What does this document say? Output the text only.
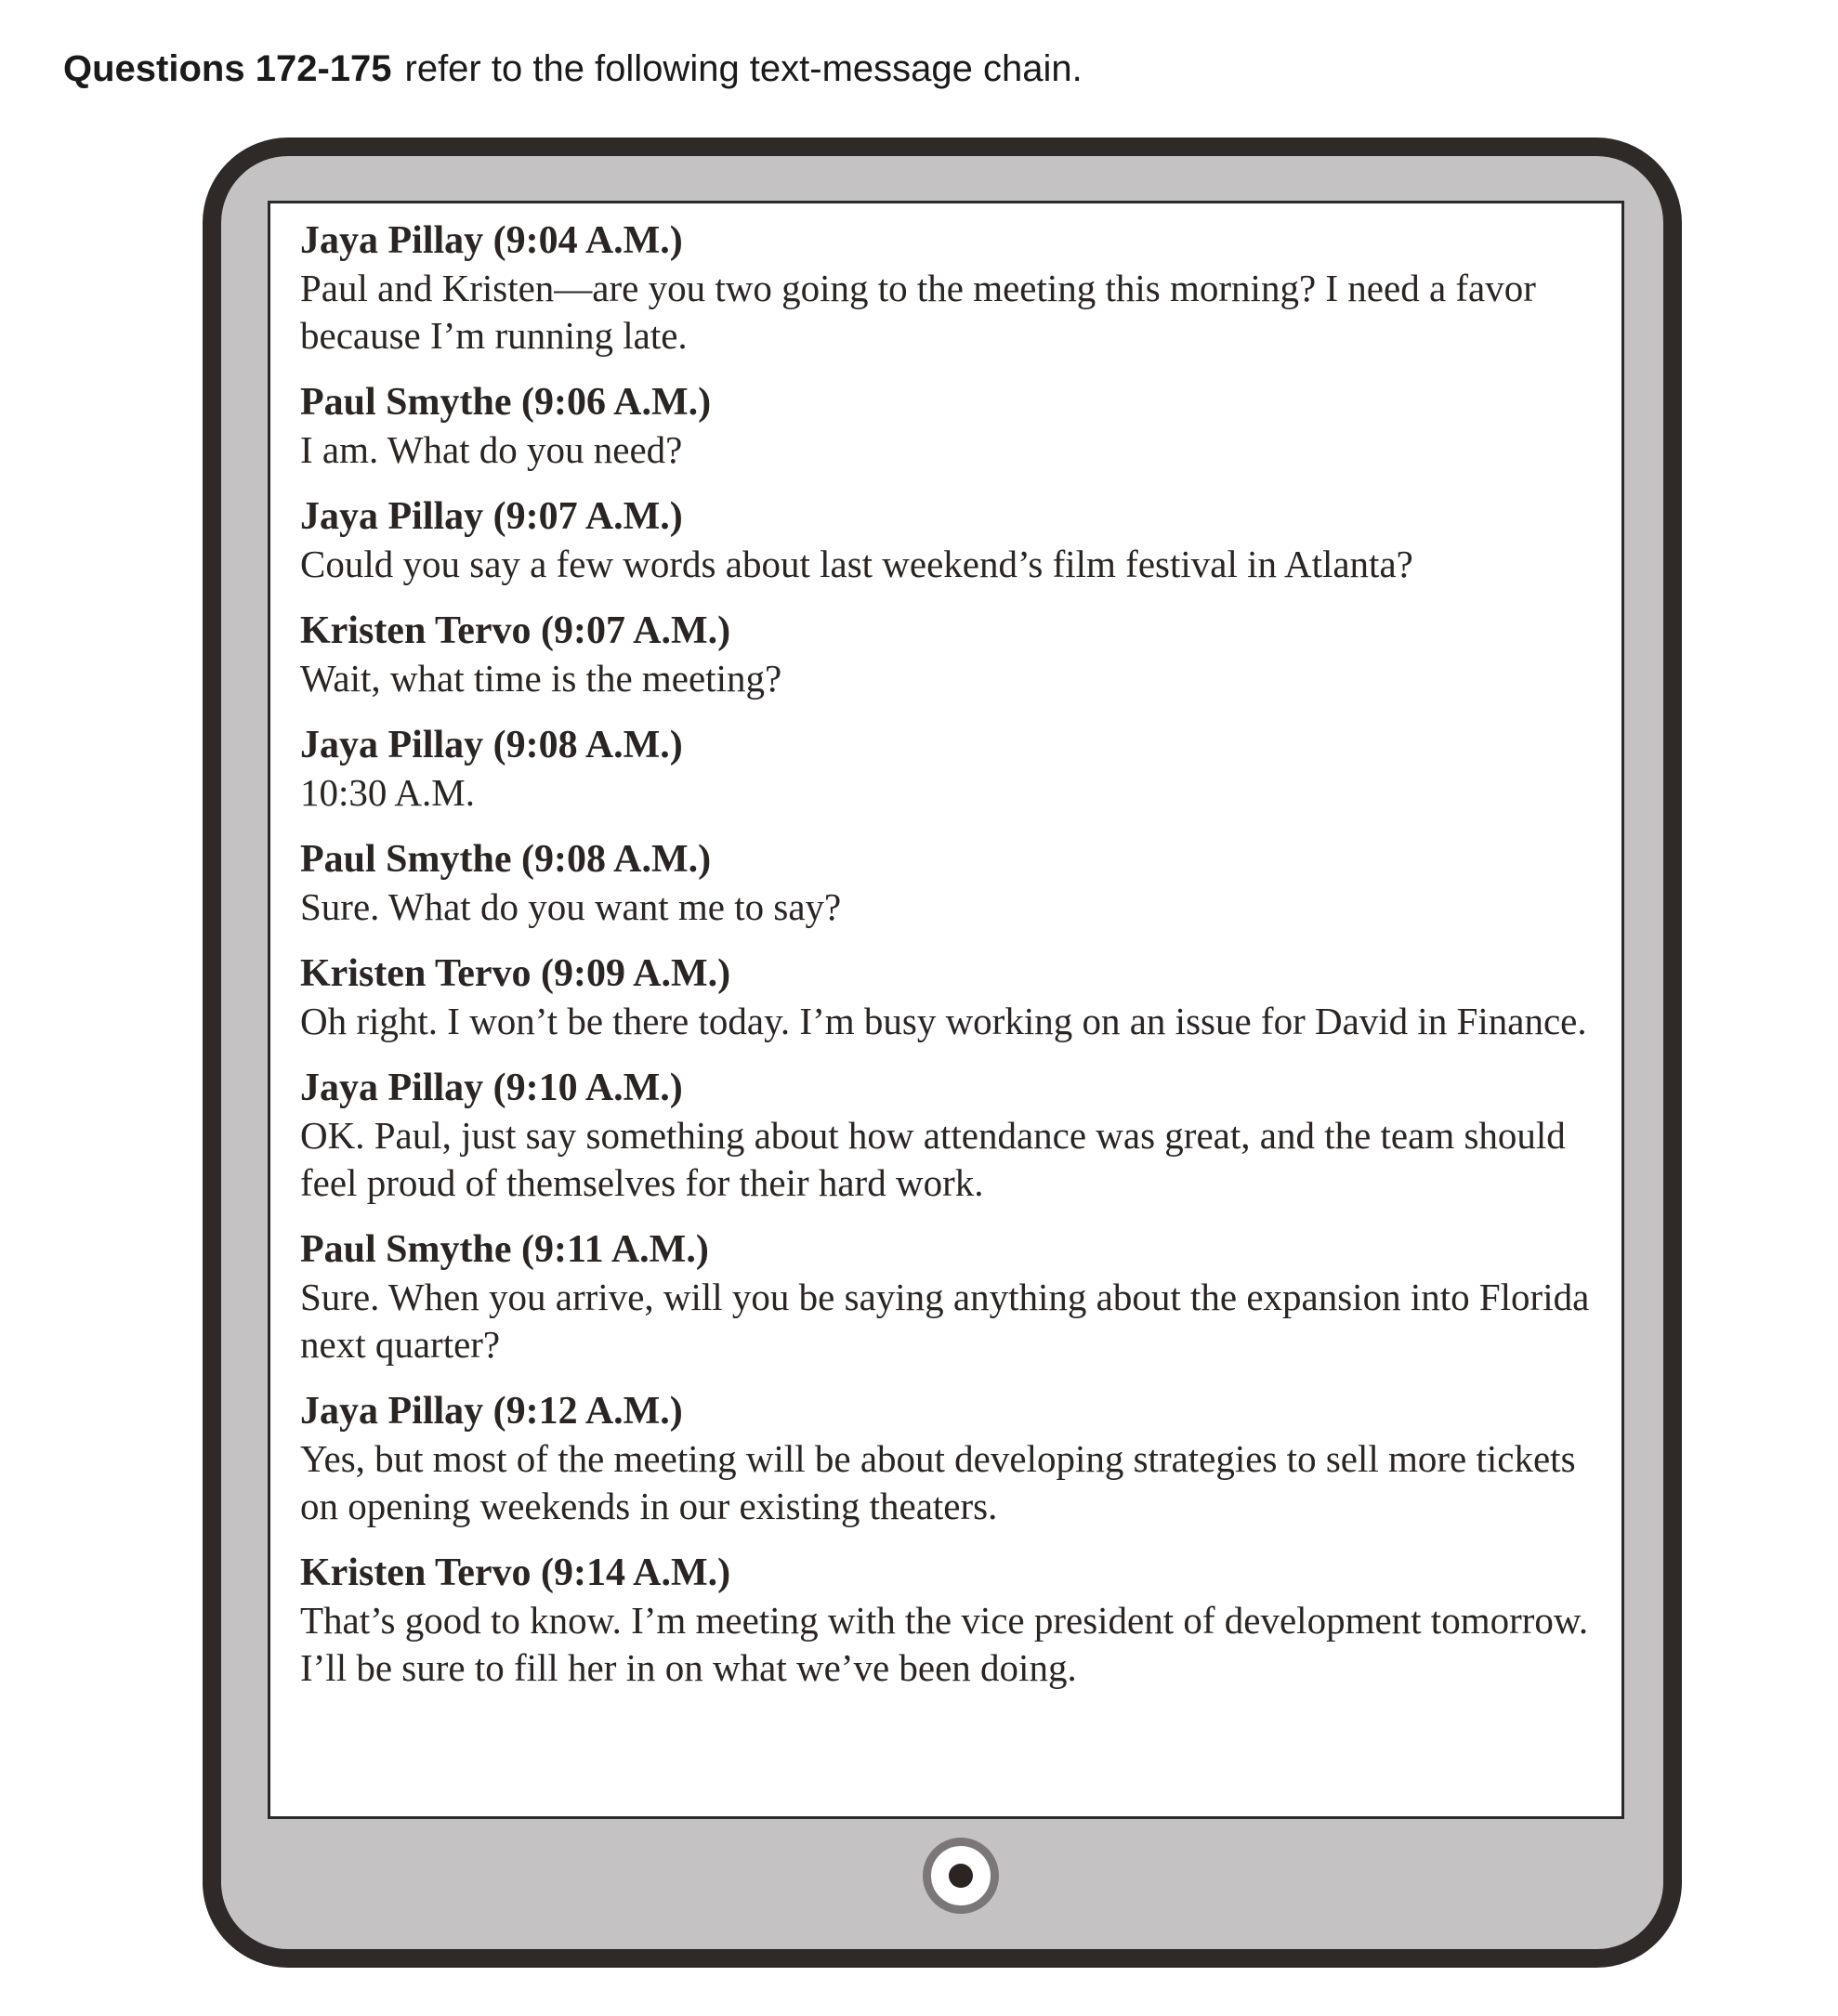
Questions 172-175 refer to the following text-message chain.
Jaya Pillay (9:04 A.M.)
Paul and Kristen—are you two going to the meeting this morning? I need a favor because I’m running late.
Paul Smythe (9:06 A.M.)
I am. What do you need?
Jaya Pillay (9:07 A.M.)
Could you say a few words about last weekend’s film festival in Atlanta?
Kristen Tervo (9:07 A.M.)
Wait, what time is the meeting?
Jaya Pillay (9:08 A.M.)
10:30 A.M.
Paul Smythe (9:08 A.M.)
Sure. What do you want me to say?
Kristen Tervo (9:09 A.M.)
Oh right. I won’t be there today. I’m busy working on an issue for David in Finance.
Jaya Pillay (9:10 A.M.)
OK. Paul, just say something about how attendance was great, and the team should feel proud of themselves for their hard work.
Paul Smythe (9:11 A.M.)
Sure. When you arrive, will you be saying anything about the expansion into Florida next quarter?
Jaya Pillay (9:12 A.M.)
Yes, but most of the meeting will be about developing strategies to sell more tickets on opening weekends in our existing theaters.
Kristen Tervo (9:14 A.M.)
That’s good to know. I’m meeting with the vice president of development tomorrow. I’ll be sure to fill her in on what we’ve been doing.
